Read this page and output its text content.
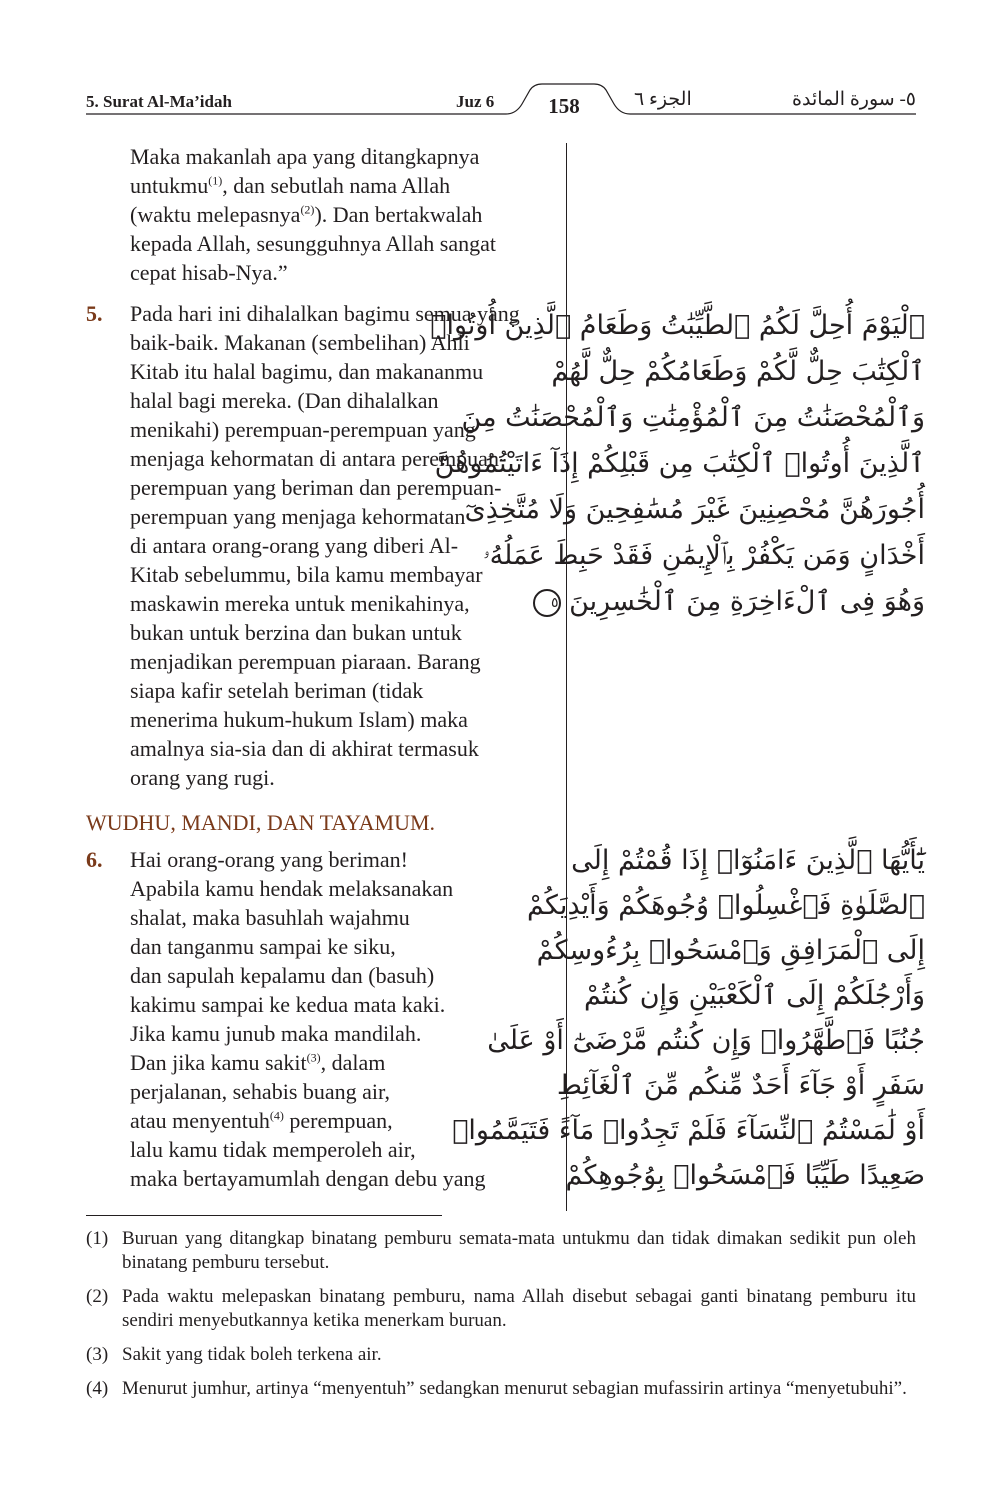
5. Surat Al-Ma’idah	Juz 6	158	الجزء ٦	٥- سورة المائدة
Maka makanlah apa yang ditangkapnya
untukmu$^{(1)}$, dan sebutlah nama Allah
(waktu melepasnya$^{(2)}$). Dan bertakwalah
kepada Allah, sesungguhnya Allah sangat
cepat hisab-Nya.”
5. Pada hari ini dihalalkan bagimu semua yang
baik-baik. Makanan (sembelihan) Ahli
Kitab itu halal bagimu, dan makananmu
halal bagi mereka. (Dan dihalalkan
menikahi) perempuan-perempuan yang
menjaga kehormatan di antara perempuan-
perempuan yang beriman dan perempuan-
perempuan yang menjaga kehormatan
di antara orang-orang yang diberi Al-
Kitab sebelummu, bila kamu membayar
maskawin mereka untuk menikahinya,
bukan untuk berzina dan bukan untuk
menjadikan perempuan piaraan. Barang
siapa kafir setelah beriman (tidak
menerima hukum-hukum Islam) maka
amalnya sia-sia dan di akhirat termasuk
orang yang rugi.
ٱلْيَوْمَ أُحِلَّ لَكُمُ ٱلطَّيِّبَٰتُ وَطَعَامُ ٱلَّذِينَ أُوتُوا۟
ٱلْكِتَٰبَ حِلٌّ لَّكُمْ وَطَعَامُكُمْ حِلٌّ لَّهُمْ
وَٱلْمُحْصَنَٰتُ مِنَ ٱلْمُؤْمِنَٰتِ وَٱلْمُحْصَنَٰتُ مِنَ
ٱلَّذِينَ أُوتُوا۟ ٱلْكِتَٰبَ مِن قَبْلِكُمْ إِذَآ ءَاتَيْتُمُوهُنَّ
أُجُورَهُنَّ مُحْصِنِينَ غَيْرَ مُسَٰفِحِينَ وَلَا مُتَّخِذِىٓ
أَخْدَانٍ وَمَن يَكْفُرْ بِٱلْإِيمَٰنِ فَقَدْ حَبِطَ عَمَلُهُۥ
وَهُوَ فِى ٱلْءَاخِرَةِ مِنَ ٱلْخَٰسِرِينَ ٥
WUDHU, MANDI, DAN TAYAMUM.
6. Hai orang-orang yang beriman!
Apabila kamu hendak melaksanakan
shalat, maka basuhlah wajahmu
dan tanganmu sampai ke siku,
dan sapulah kepalamu dan (basuh)
kakimu sampai ke kedua mata kaki.
Jika kamu junub maka mandilah.
Dan jika kamu sakit$^{(3)}$, dalam
perjalanan, sehabis buang air,
atau menyentuh$^{(4)}$ perempuan,
lalu kamu tidak memperoleh air,
maka bertayamumlah dengan debu yang
يَٰٓأَيُّهَا ٱلَّذِينَ ءَامَنُوٓا۟ إِذَا قُمْتُمْ إِلَى
ٱلصَّلَوٰةِ فَٱغْسِلُوا۟ وُجُوهَكُمْ وَأَيْدِيَكُمْ
إِلَى ٱلْمَرَافِقِ وَٱمْسَحُوا۟ بِرُءُوسِكُمْ
وَأَرْجُلَكُمْ إِلَى ٱلْكَعْبَيْنِ وَإِن كُنتُمْ
جُنُبًا فَٱطَّهَّرُوا۟ وَإِن كُنتُم مَّرْضَىٰٓ أَوْ عَلَىٰ
سَفَرٍ أَوْ جَآءَ أَحَدٌ مِّنكُم مِّنَ ٱلْغَآئِطِ
أَوْ لَٰمَسْتُمُ ٱلنِّسَآءَ فَلَمْ تَجِدُوا۟ مَآءً فَتَيَمَّمُوا۟
صَعِيدًا طَيِّبًا فَٱمْسَحُوا۟ بِوُجُوهِكُمْ
(1) Buruan yang ditangkap binatang pemburu semata-mata untukmu dan tidak dimakan sedikit pun oleh binatang pemburu tersebut.
(2) Pada waktu melepaskan binatang pemburu, nama Allah disebut sebagai ganti binatang pemburu itu sendiri menyebutkannya ketika menerkam buruan.
(3) Sakit yang tidak boleh terkena air.
(4) Menurut jumhur, artinya “menyentuh” sedangkan menurut sebagian mufassirin artinya “menyetubuhi”.
